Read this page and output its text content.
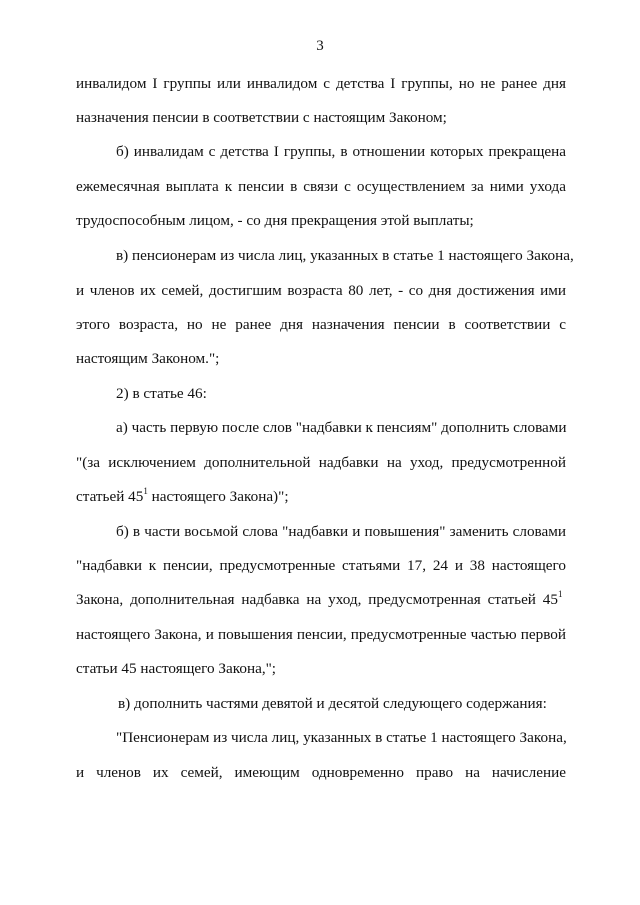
3
инвалидом I группы или инвалидом с детства I группы, но не ранее дня
назначения пенсии в соответствии с настоящим Законом;
б) инвалидам с детства I группы, в отношении которых прекращена
ежемесячная выплата к пенсии в связи с осуществлением за ними ухода
трудоспособным лицом, - со дня прекращения этой выплаты;
в) пенсионерам из числа лиц, указанных в статье 1 настоящего Закона,
и членов их семей, достигшим возраста 80 лет, - со дня достижения ими
этого возраста, но не ранее дня назначения пенсии в соответствии с
настоящим Законом.";
2) в статье 46:
а) часть первую после слов "надбавки к пенсиям" дополнить словами
"(за исключением дополнительной надбавки на уход, предусмотренной
статьей $45^1$ настоящего Закона)";
б) в части восьмой слова "надбавки и повышения" заменить словами
"надбавки к пенсии, предусмотренные статьями 17, 24 и 38 настоящего
Закона, дополнительная надбавка на уход, предусмотренная статьей $45^1$
настоящего Закона, и повышения пенсии, предусмотренные частью первой
статьи 45 настоящего Закона,";
в) дополнить частями девятой и десятой следующего содержания:
"Пенсионерам из числа лиц, указанных в статье 1 настоящего Закона,
и членов их семей, имеющим одновременно право на начисление
